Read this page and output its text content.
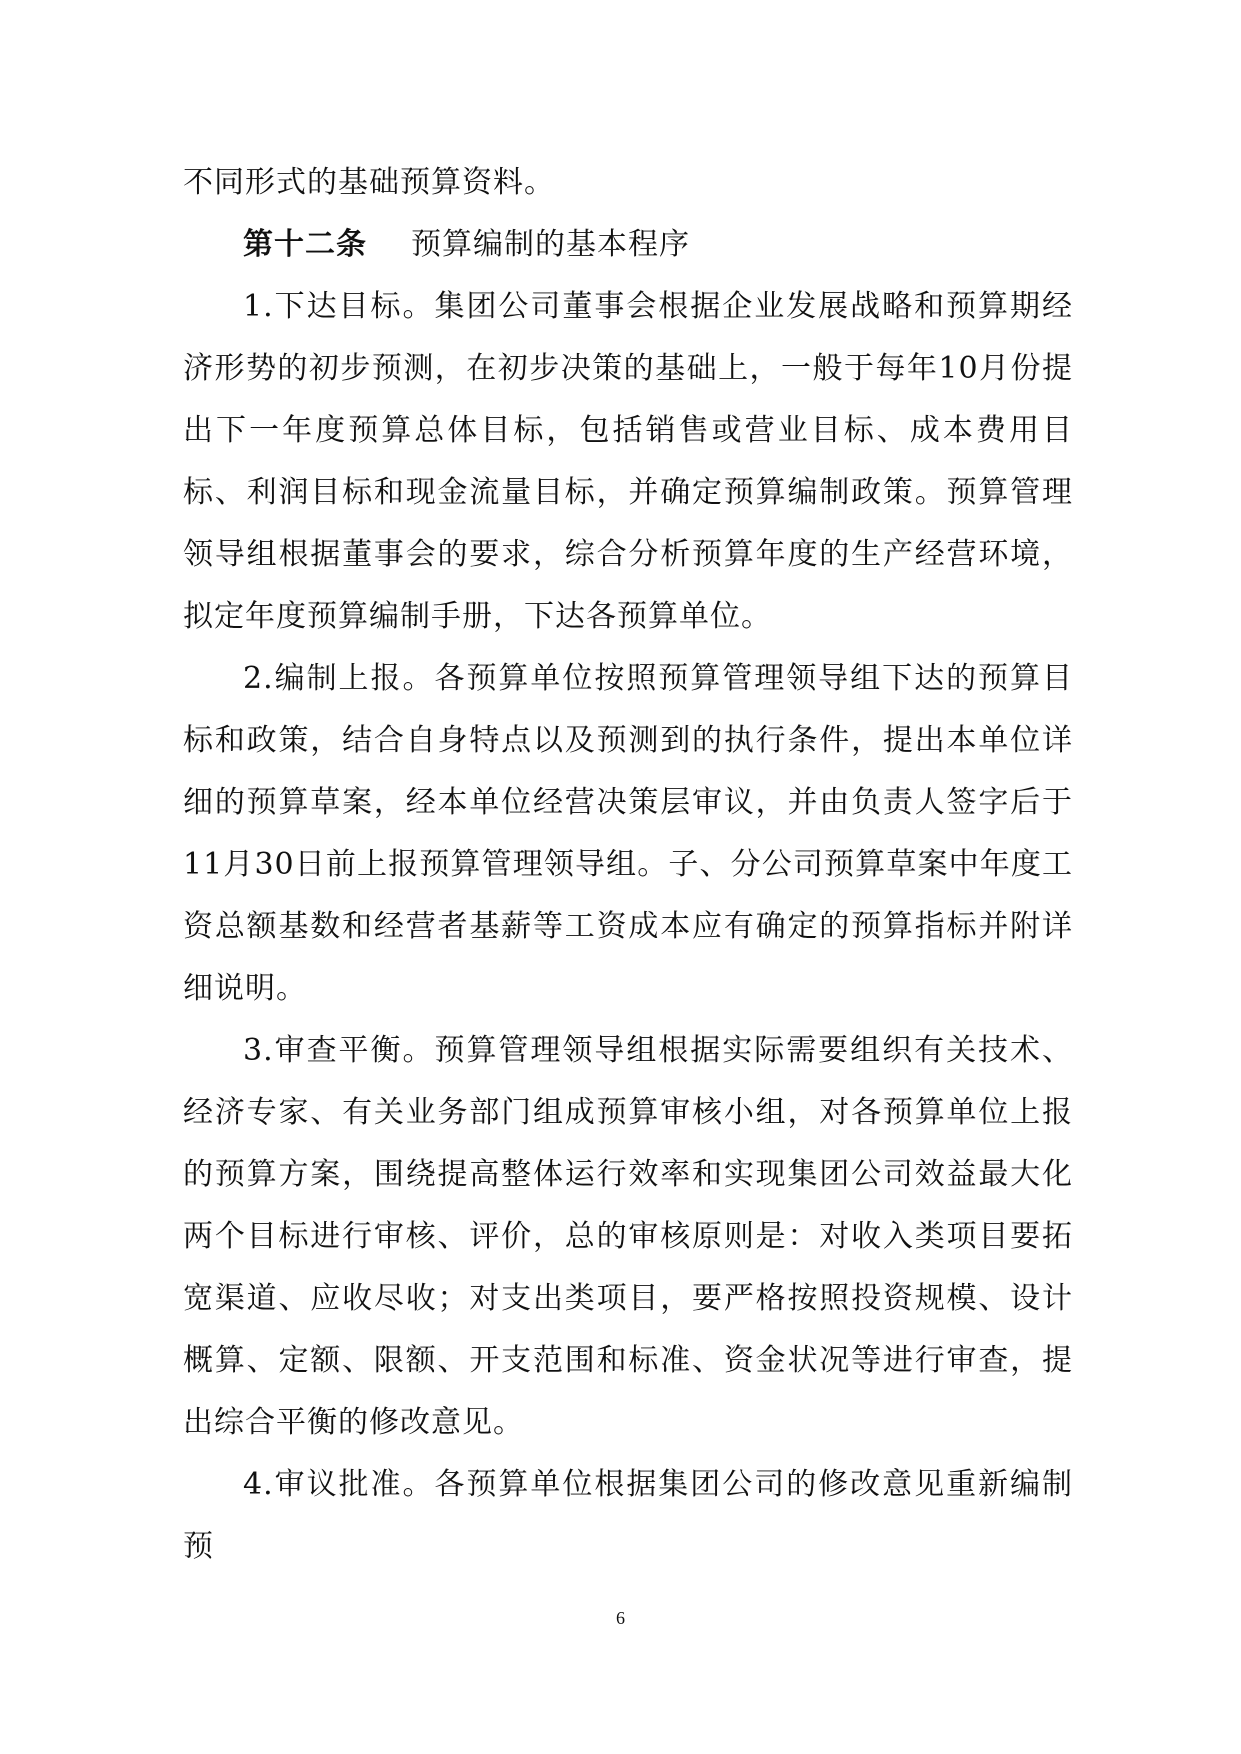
不同形式的基础预算资料。

第十二条 预算编制的基本程序

1.下达目标。集团公司董事会根据企业发展战略和预算期经济形势的初步预测，在初步决策的基础上，一般于每年10月份提出下一年度预算总体目标，包括销售或营业目标、成本费用目标、利润目标和现金流量目标，并确定预算编制政策。预算管理领导组根据董事会的要求，综合分析预算年度的生产经营环境，拟定年度预算编制手册，下达各预算单位。

2.编制上报。各预算单位按照预算管理领导组下达的预算目标和政策，结合自身特点以及预测到的执行条件，提出本单位详细的预算草案，经本单位经营决策层审议，并由负责人签字后于11月30日前上报预算管理领导组。子、分公司预算草案中年度工资总额基数和经营者基薪等工资成本应有确定的预算指标并附详细说明。

3.审查平衡。预算管理领导组根据实际需要组织有关技术、经济专家、有关业务部门组成预算审核小组，对各预算单位上报的预算方案，围绕提高整体运行效率和实现集团公司效益最大化两个目标进行审核、评价，总的审核原则是：对收入类项目要拓宽渠道、应收尽收；对支出类项目，要严格按照投资规模、设计概算、定额、限额、开支范围和标准、资金状况等进行审查，提出综合平衡的修改意见。

4.审议批准。各预算单位根据集团公司的修改意见重新编制预

6
